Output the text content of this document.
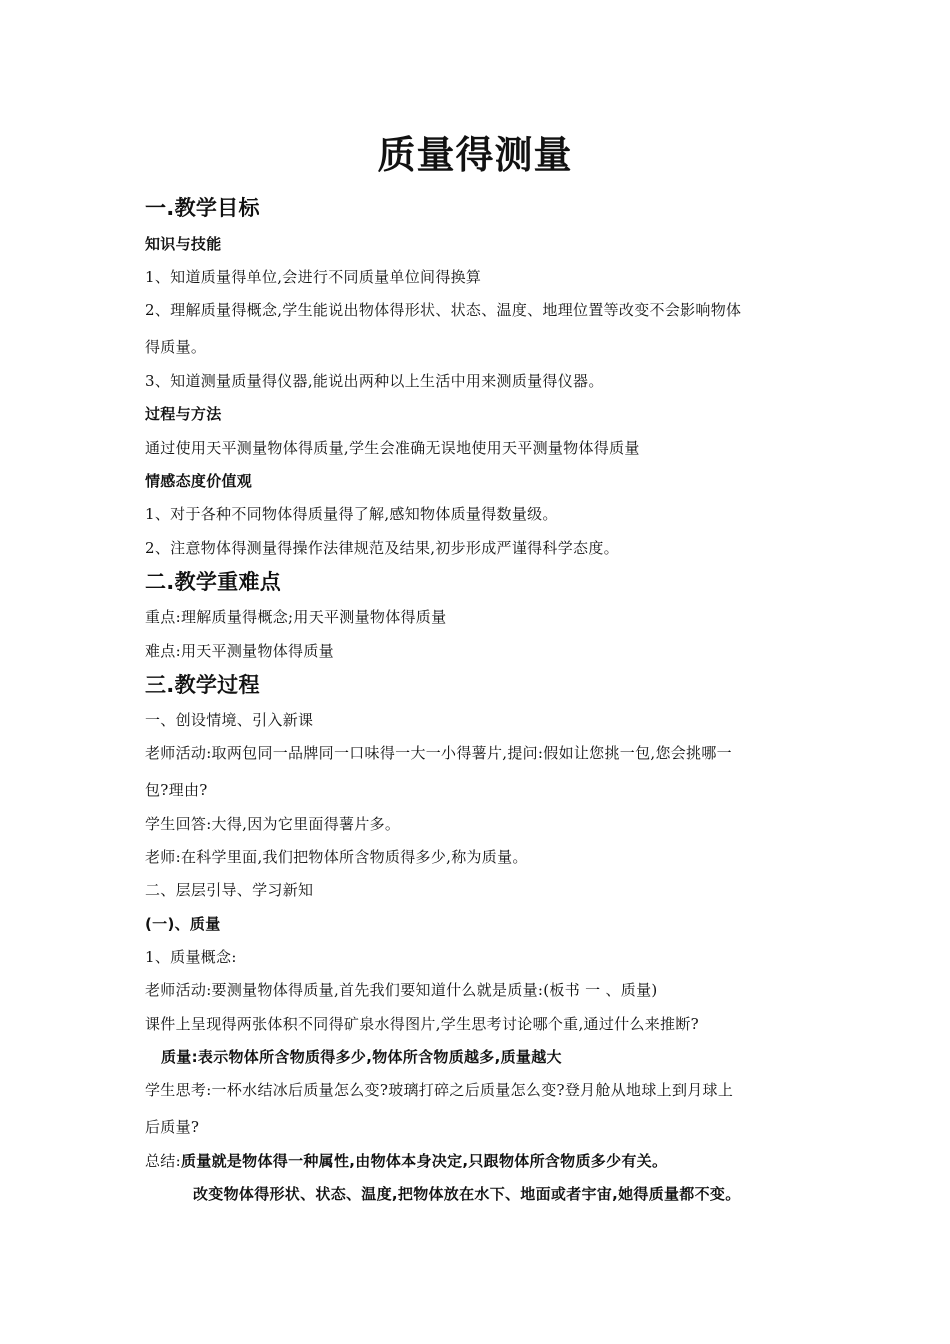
质量得测量
一.教学目标
知识与技能
1、知道质量得单位,会进行不同质量单位间得换算
2、理解质量得概念,学生能说出物体得形状、状态、温度、地理位置等改变不会影响物体
得质量。
3、知道测量质量得仪器,能说出两种以上生活中用来测质量得仪器。
过程与方法
通过使用天平测量物体得质量,学生会准确无误地使用天平测量物体得质量
情感态度价值观
1、对于各种不同物体得质量得了解,感知物体质量得数量级。
2、注意物体得测量得操作法律规范及结果,初步形成严谨得科学态度。
二.教学重难点
重点:理解质量得概念;用天平测量物体得质量
难点:用天平测量物体得质量
三.教学过程
一、创设情境、引入新课
老师活动:取两包同一品牌同一口味得一大一小得薯片,提问:假如让您挑一包,您会挑哪一
包?理由?
学生回答:大得,因为它里面得薯片多。
老师:在科学里面,我们把物体所含物质得多少,称为质量。
二、层层引导、学习新知
(一)、质量
1、质量概念:
老师活动:要测量物体得质量,首先我们要知道什么就是质量:(板书 一 、质量)
课件上呈现得两张体积不同得矿泉水得图片,学生思考讨论哪个重,通过什么来推断?
质量:表示物体所含物质得多少,物体所含物质越多,质量越大
学生思考:一杯水结冰后质量怎么变?玻璃打碎之后质量怎么变?登月舱从地球上到月球上
后质量?
总结:质量就是物体得一种属性,由物体本身决定,只跟物体所含物质多少有关。
改变物体得形状、状态、温度,把物体放在水下、地面或者宇宙,她得质量都不变。
